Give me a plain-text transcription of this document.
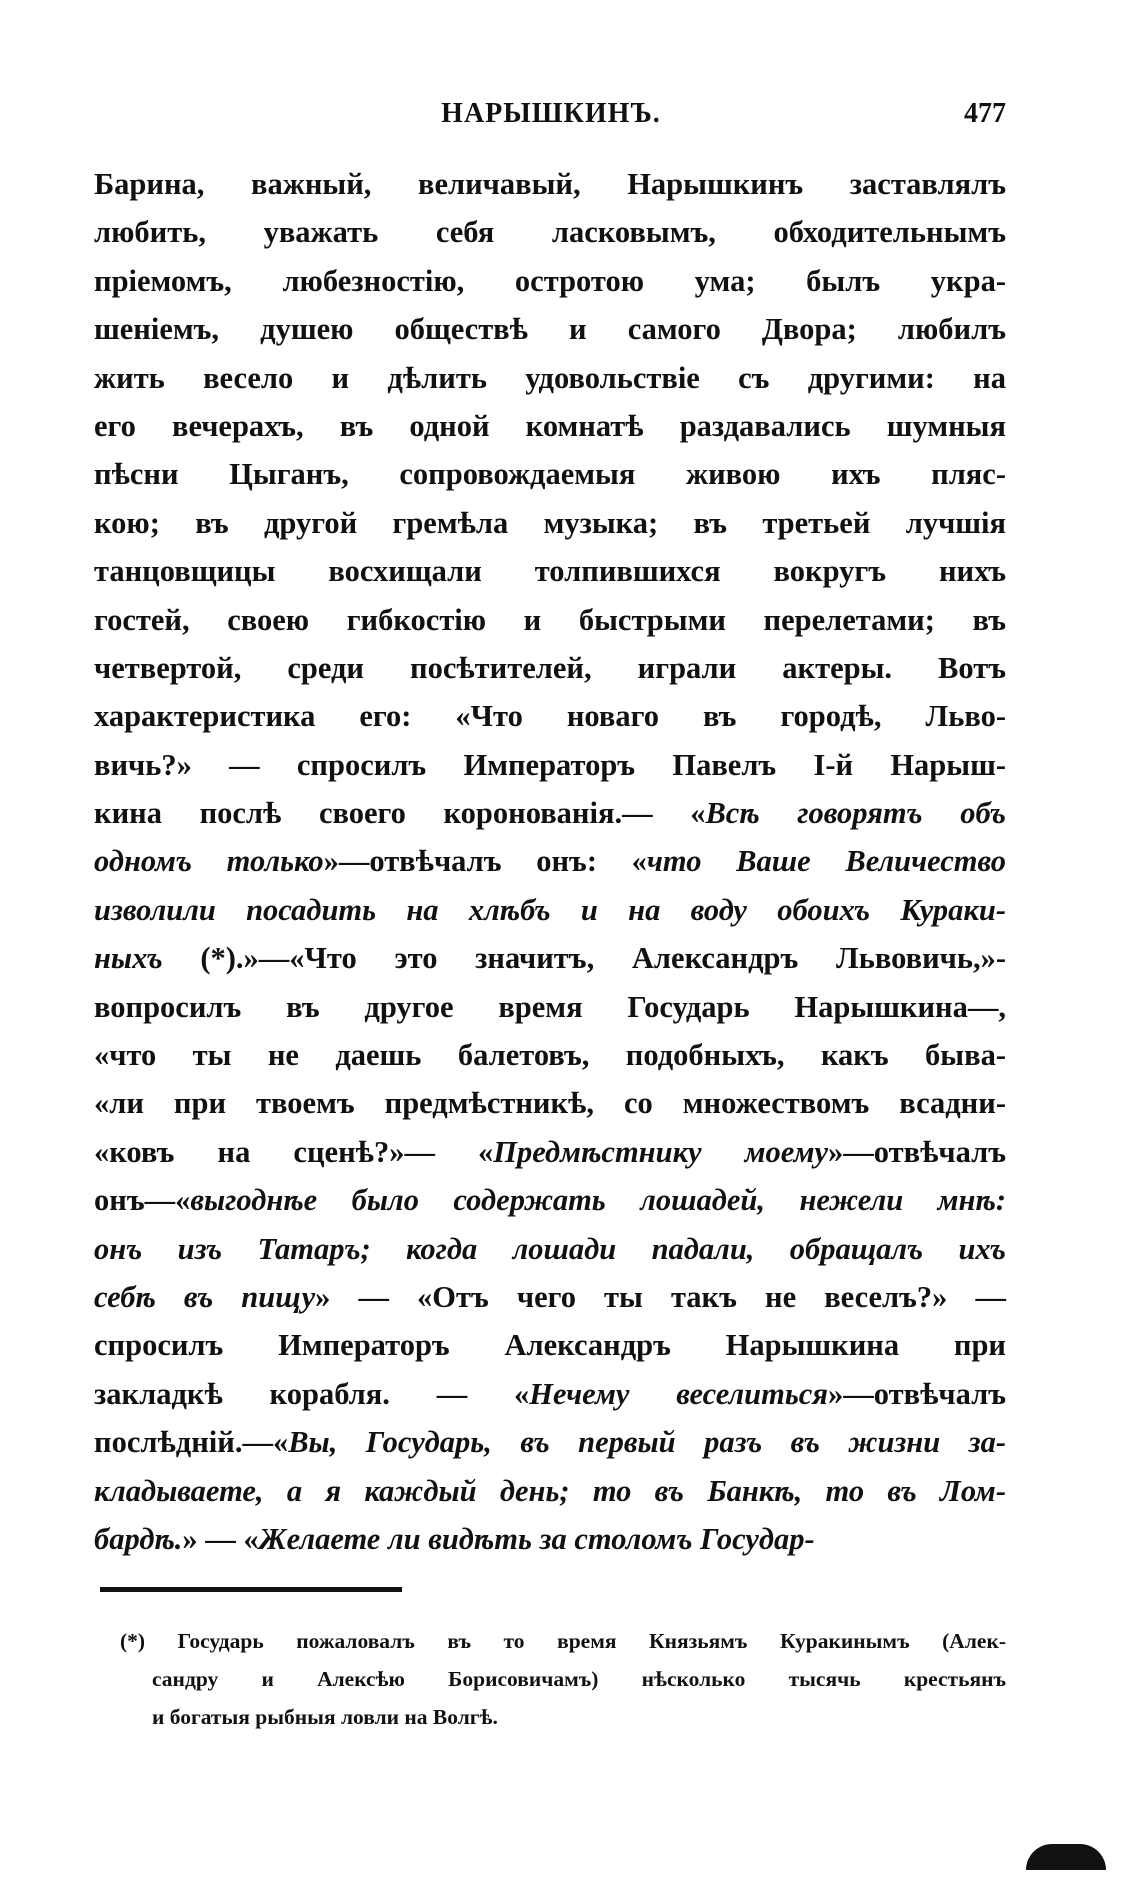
НАРЫШКИНЪ.	477
Барина, важный, величавый, Нарышкинъ заставлялъ
любить, уважать себя ласковымъ, обходительнымъ
пріемомъ, любезностію, остротою ума; былъ укра-
шеніемъ, душею обществѣ и самого Двора; любилъ
жить весело и дѣлить удовольствіе съ другими: на
его вечерахъ, въ одной комнатѣ раздавались шумныя
пѣсни Цыганъ, сопровождаемыя живою ихъ пляс-
кою; въ другой гремѣла музыка; въ третьей лучшія
танцовщицы восхищали толпившихся вокругъ нихъ
гостей, своею гибкостію и быстрыми перелетами; въ
четвертой, среди посѣтителей, играли актеры. Вотъ
характеристика его: «Что новаго въ городѣ, Льво-
вичь?» — спросилъ Императоръ Павелъ І-й Нарыш-
кина послѣ своего коронованія.— «Всѣ говорятъ объ
одномъ только»—отвѣчалъ онъ: «что Ваше Величество
изволили посадить на хлѣбъ и на воду обоихъ Кураки-
ныхъ (*).»—«Что это значитъ, Александръ Львовичь,»-
вопросилъ въ другое время Государь Нарышкина—,
«что ты не даешь балетовъ, подобныхъ, какъ бывa-
«ли при твоемъ предмѣстникѣ, со множествомъ всадни-
«ковъ на сценѣ?»— «Предмѣстнику моему»—отвѣчалъ
онъ—«выгоднѣе было содержать лошадей, нежели мнѣ:
онъ изъ Татаръ; когда лошади падали, обращалъ ихъ
себѣ въ пищу» — «Отъ чего ты такъ не веселъ?» —
спросилъ Императоръ Александръ Нарышкина при
закладкѣ корабля. — «Нечему веселиться»—отвѣчалъ
послѣдній.—«Вы, Государь, въ первый разъ въ жизни за-
кладываете, а я каждый день; то въ Банкѣ, то въ Лом-
бардѣ.» — «Желаете ли видѣть за столомъ Государ-
(*) Государь пожаловалъ въ то время Князьямъ Куракинымъ (Алек-
сандру и Алексѣю Борисовичамъ) нѣсколько тысячь крестьянъ
и богатыя рыбныя ловли на Волгѣ.
